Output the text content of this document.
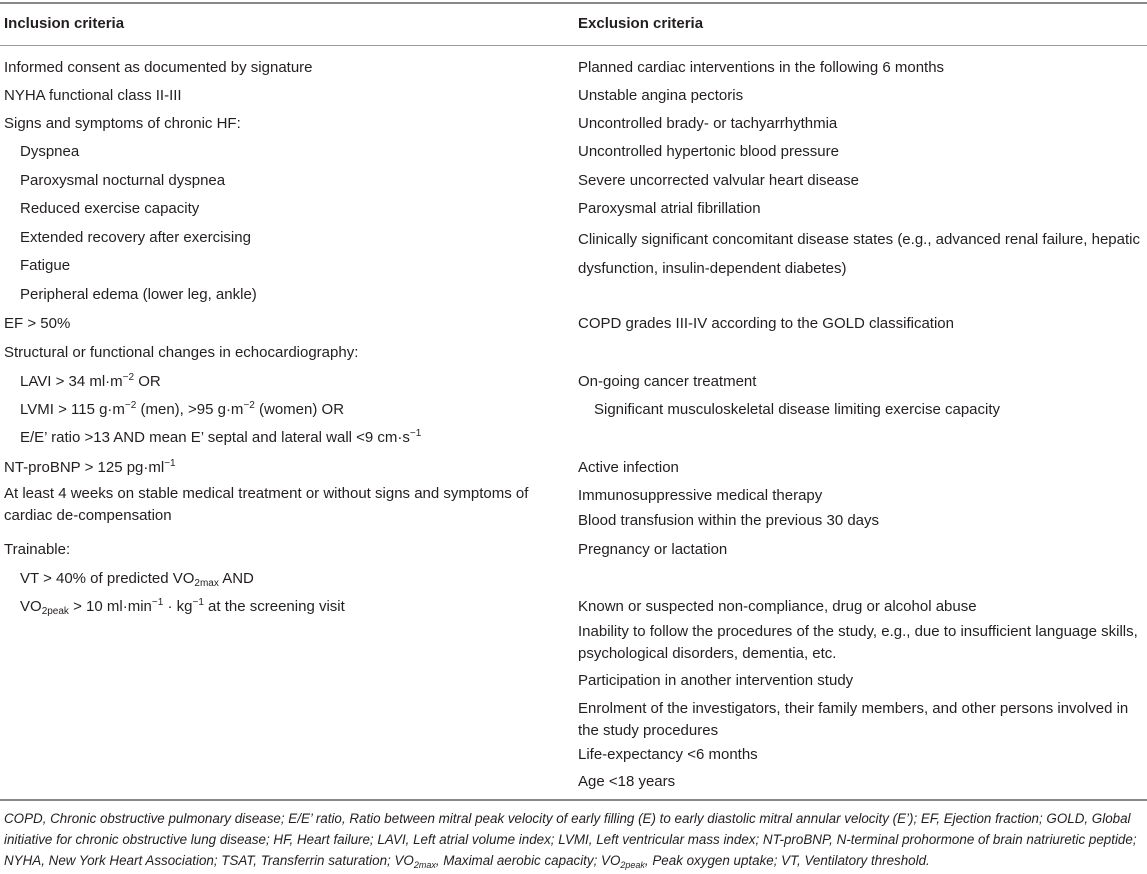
Inclusion criteria	Exclusion criteria
Informed consent as documented by signature
NYHA functional class II-III
Signs and symptoms of chronic HF:
Dyspnea
Paroxysmal nocturnal dyspnea
Reduced exercise capacity
Extended recovery after exercising
Fatigue
Peripheral edema (lower leg, ankle)
EF > 50%
Structural or functional changes in echocardiography:
LAVI > 34 $ml\cdot m^{-2}$ OR
LVMI > 115 $g\cdot m^{-2}$ (men), >95 $g\cdot m^{-2}$ (women) OR
E/E’ ratio >13 AND mean E’ septal and lateral wall <9 $cm\cdot s^{-1}$
NT-proBNP > 125 $pg\cdot ml^{-1}$
At least 4 weeks on stable medical treatment or without signs and symptoms of cardiac de-compensation
Trainable:
VT > 40% of predicted $VO_{2max}$ AND
$VO_{2peak} > 10$ $ml\cdot\min^{-1} \cdot kg^{-1}$ at the screening visit
Planned cardiac interventions in the following 6 months
Unstable angina pectoris
Uncontrolled brady- or tachyarrhythmia
Uncontrolled hypertonic blood pressure
Severe uncorrected valvular heart disease
Paroxysmal atrial fibrillation
Clinically significant concomitant disease states (e.g., advanced renal failure, hepatic dysfunction, insulin-dependent diabetes)
COPD grades III-IV according to the GOLD classification
On-going cancer treatment
Significant musculoskeletal disease limiting exercise capacity
Active infection
Immunosuppressive medical therapy
Blood transfusion within the previous 30 days
Pregnancy or lactation
Known or suspected non-compliance, drug or alcohol abuse
Inability to follow the procedures of the study, e.g., due to insufficient language skills, psychological disorders, dementia, etc.
Participation in another intervention study
Enrolment of the investigators, their family members, and other persons involved in the study procedures
Life-expectancy <6 months
Age <18 years
COPD, Chronic obstructive pulmonary disease; E/E’ ratio, Ratio between mitral peak velocity of early filling (E) to early diastolic mitral annular velocity (E’); EF, Ejection fraction; GOLD, Global initiative for chronic obstructive lung disease; HF, Heart failure; LAVI, Left atrial volume index; LVMI, Left ventricular mass index; NT-proBNP, N-terminal prohormone of brain natriuretic peptide; NYHA, New York Heart Association; TSAT, Transferrin saturation; $VO_{2max}$, Maximal aerobic capacity; $VO_{2peak}$, Peak oxygen uptake; VT, Ventilatory threshold.
